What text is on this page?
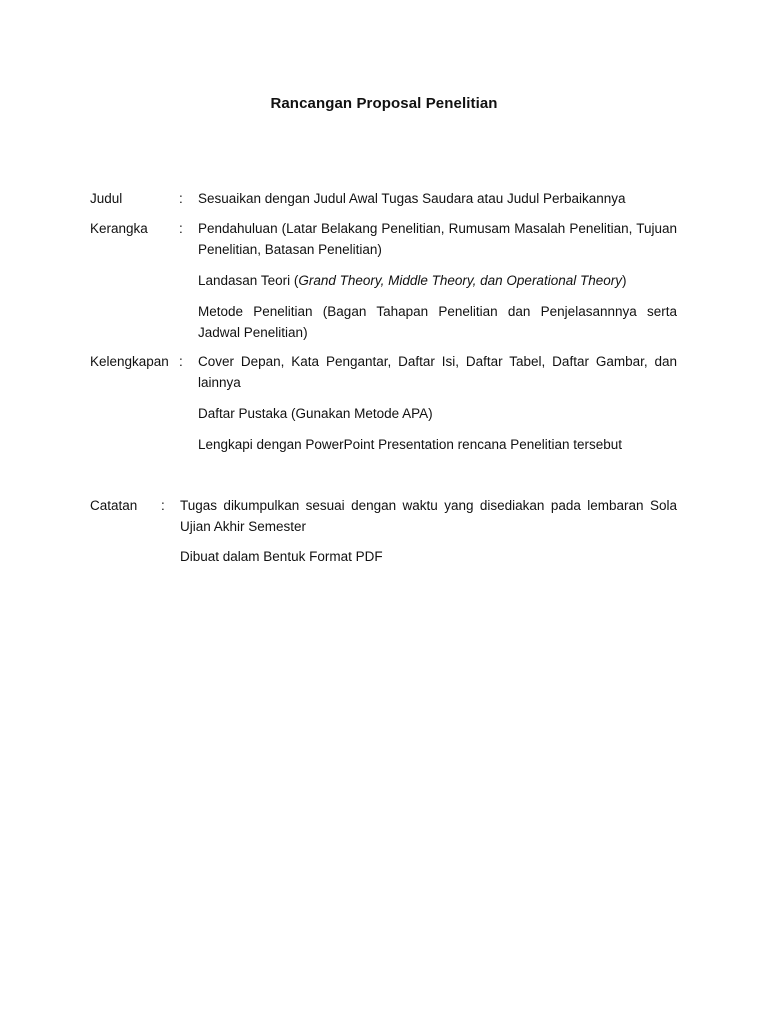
Rancangan Proposal Penelitian
Judul	: Sesuaikan dengan Judul Awal Tugas Saudara atau Judul Perbaikannya
Kerangka : Pendahuluan (Latar Belakang Penelitian, Rumusam Masalah Penelitian, Tujuan Penelitian, Batasan Penelitian)
Landasan Teori (Grand Theory, Middle Theory, dan Operational Theory)
Metode Penelitian (Bagan Tahapan Penelitian dan Penjelasannnya serta Jadwal Penelitian)
Kelengkapan : Cover Depan, Kata Pengantar, Daftar Isi, Daftar Tabel, Daftar Gambar, dan lainnya
Daftar Pustaka (Gunakan Metode APA)
Lengkapi dengan PowerPoint Presentation rencana Penelitian tersebut
Catatan : Tugas dikumpulkan sesuai dengan waktu yang disediakan pada lembaran Sola Ujian Akhir Semester
Dibuat dalam Bentuk Format PDF
